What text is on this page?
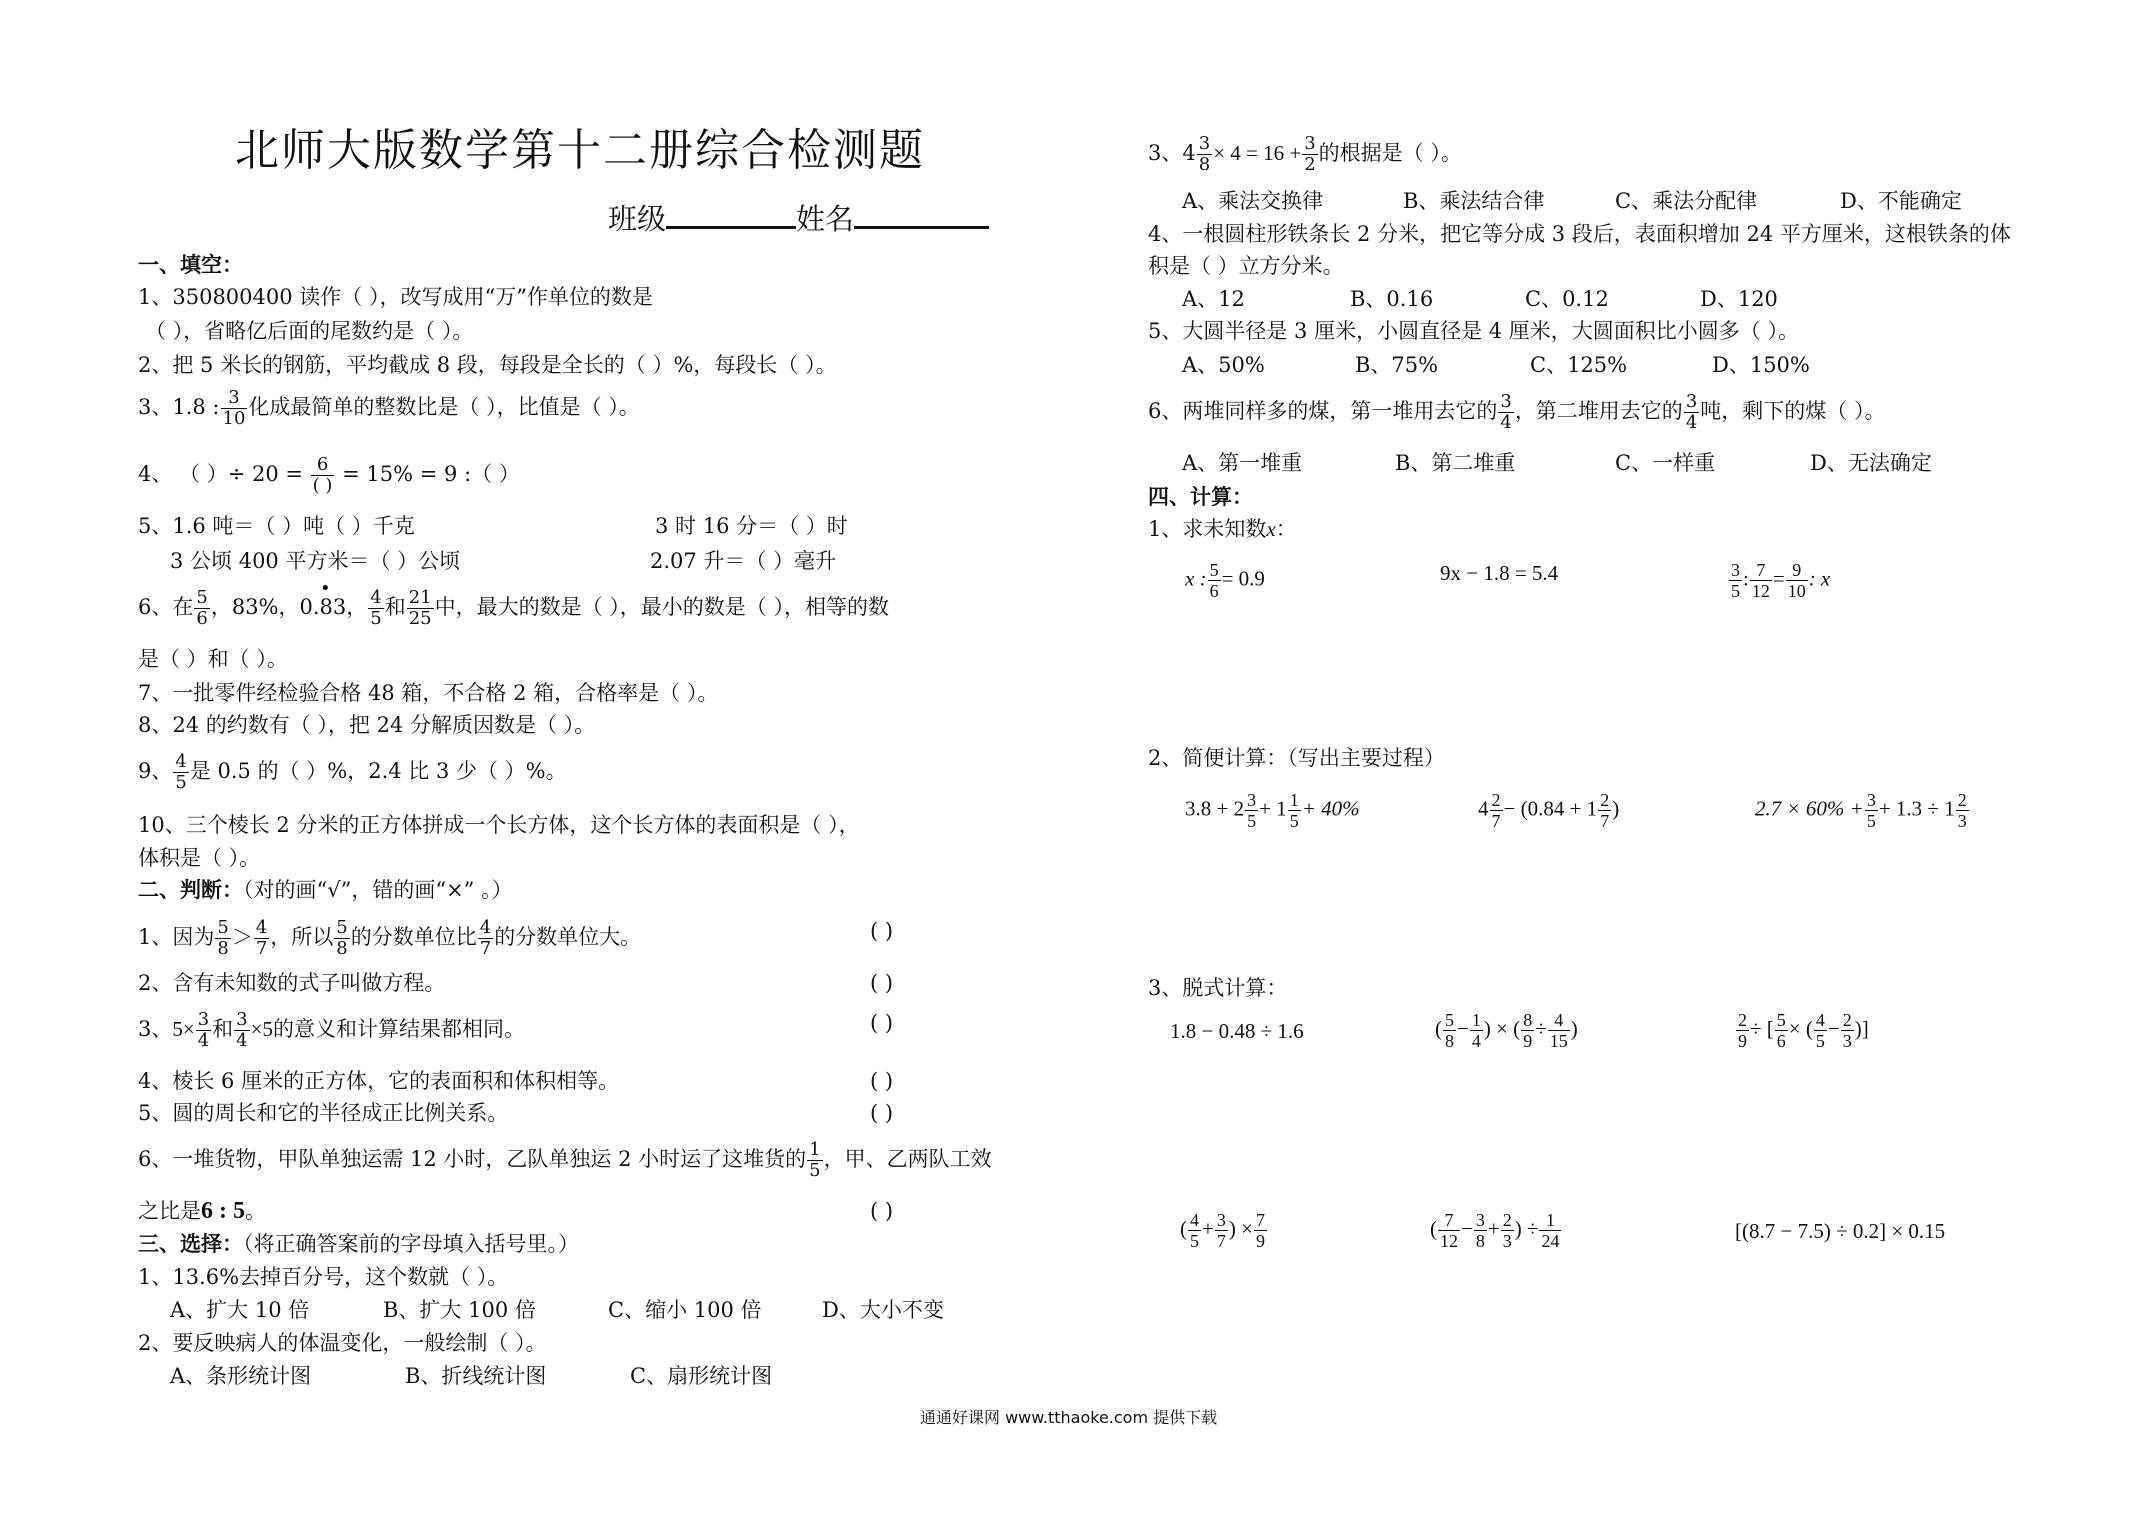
北师大版数学第十二册综合检测题
班级	姓名
一、填空：
1、350800400 读作（ ），改写成用“万”作单位的数是
（ ），省略亿后面的尾数约是（ ）。
2、把 5 米长的钢筋，平均截成 8 段，每段是全长的（ ）%，每段长（ ）。
3、1.8 : $\frac{3}{10}$ 化成最简单的整数比是（ ），比值是（ ）。
4、 （ ）÷ $20 = \frac{6}{( )} = 15\% = 9$ :（ ）
5、1.6 吨＝（ ）吨（ ）千克	3 时 16 分＝（ ）时
3 公顷 400 平方米＝（ ）公顷	2.07 升＝（ ）毫升
6、在 $\frac{5}{6}$ ，83%，0.83， $\frac{4}{5}$ 和 $\frac{21}{25}$ 中，最大的数是（ ），最小的数是（ ），相等的数
•
是（ ）和（ ）。
7、一批零件经检验合格 48 箱，不合格 2 箱，合格率是（ ）。
8、24 的约数有（ ），把 24 分解质因数是（ ）。
9、 $\frac{4}{5}$ 是 0.5 的（ ）%，2.4 比 3 少（ ）%。
10、三个棱长 2 分米的正方体拼成一个长方体，这个长方体的表面积是（ ），
体积是（ ）。
二、判断：（对的画“√”，错的画“×” 。）
1、因为 $\frac{5}{8} > \frac{4}{7}$ ，所以 $\frac{5}{8}$ 的分数单位比 $\frac{4}{7}$ 的分数单位大。	( )
2、含有未知数的式子叫做方程。	( )
3、$5\times \frac{3}{4}$ 和 $\frac{3}{4} \times 5$的意义和计算结果都相同。	( )
4、棱长 6 厘米的正方体，它的表面积和体积相等。	( )
5、圆的周长和它的半径成正比例关系。	( )
6、一堆货物，甲队单独运需 12 小时，乙队单独运 2 小时运了这堆货的 $\frac{1}{5}$ ，甲、乙两队工效
之比是6 : 5。	( )
三、选择：（将正确答案前的字母填入括号里。）
1、13.6%去掉百分号，这个数就（ ）。
A、扩大 10 倍	B、扩大 100 倍	C、缩小 100 倍	D、大小不变
2、要反映病人的体温变化，一般绘制（ ）。
A、条形统计图	B、折线统计图	C、扇形统计图
3、$4 \frac{3}{8} \times 4 = 16 + \frac{3}{2}$ 的根据是（ ）。
A、乘法交换律	B、乘法结合律	C、乘法分配律	D、不能确定
4、一根圆柱形铁条长 2 分米，把它等分成 3 段后，表面积增加 24 平方厘米，这根铁条的体
积是（ ）立方分米。
A、12	B、0.16	C、0.12	D、120
5、大圆半径是 3 厘米，小圆直径是 4 厘米，大圆面积比小圆多（ ）。
A、50%	B、75%	C、125%	D、150%
6、两堆同样多的煤，第一堆用去它的 $\frac{3}{4}$ ，第二堆用去它的 $\frac{3}{4}$ 吨，剩下的煤（ ）。
A、第一堆重	B、第二堆重	C、一样重	D、无法确定
四、计算：
1、求未知数x：
x : $\frac{5}{6} = 0.9$	9x − 1.8 = 5.4	$\frac{3}{5}$ : $\frac{7}{12} = \frac{9}{10}$ : x
2、简便计算：（写出主要过程）
$3.8 + 2 \frac{3}{5} + 1 \frac{1}{5} + 40\%$	$4 \frac{2}{7} - (0.84 + 1 \frac{2}{7}$ )	$2.7 \times 60\% + \frac{3}{5} + 1.3 \div 1 \frac{2}{3}$
3、脱式计算：
1.8 − 0.48 ÷ 1.6	( $\frac{5}{8} - \frac{1}{4}$ ) × ( $\frac{8}{9} \div \frac{4}{15}$ )	$\frac{2}{9}$ ÷ [ $\frac{5}{6}$ × ( $\frac{4}{5} - \frac{2}{3}$ )]
( $\frac{4}{5} + \frac{3}{7}$ ) × $\frac{7}{9}$	( $\frac{7}{12} - \frac{3}{8} + \frac{2}{3}$ ) ÷ $\frac{1}{24}$	[(8.7 − 7.5) ÷ 0.2] × 0.15
通通好课网 www.tthaoke.com 提供下载
